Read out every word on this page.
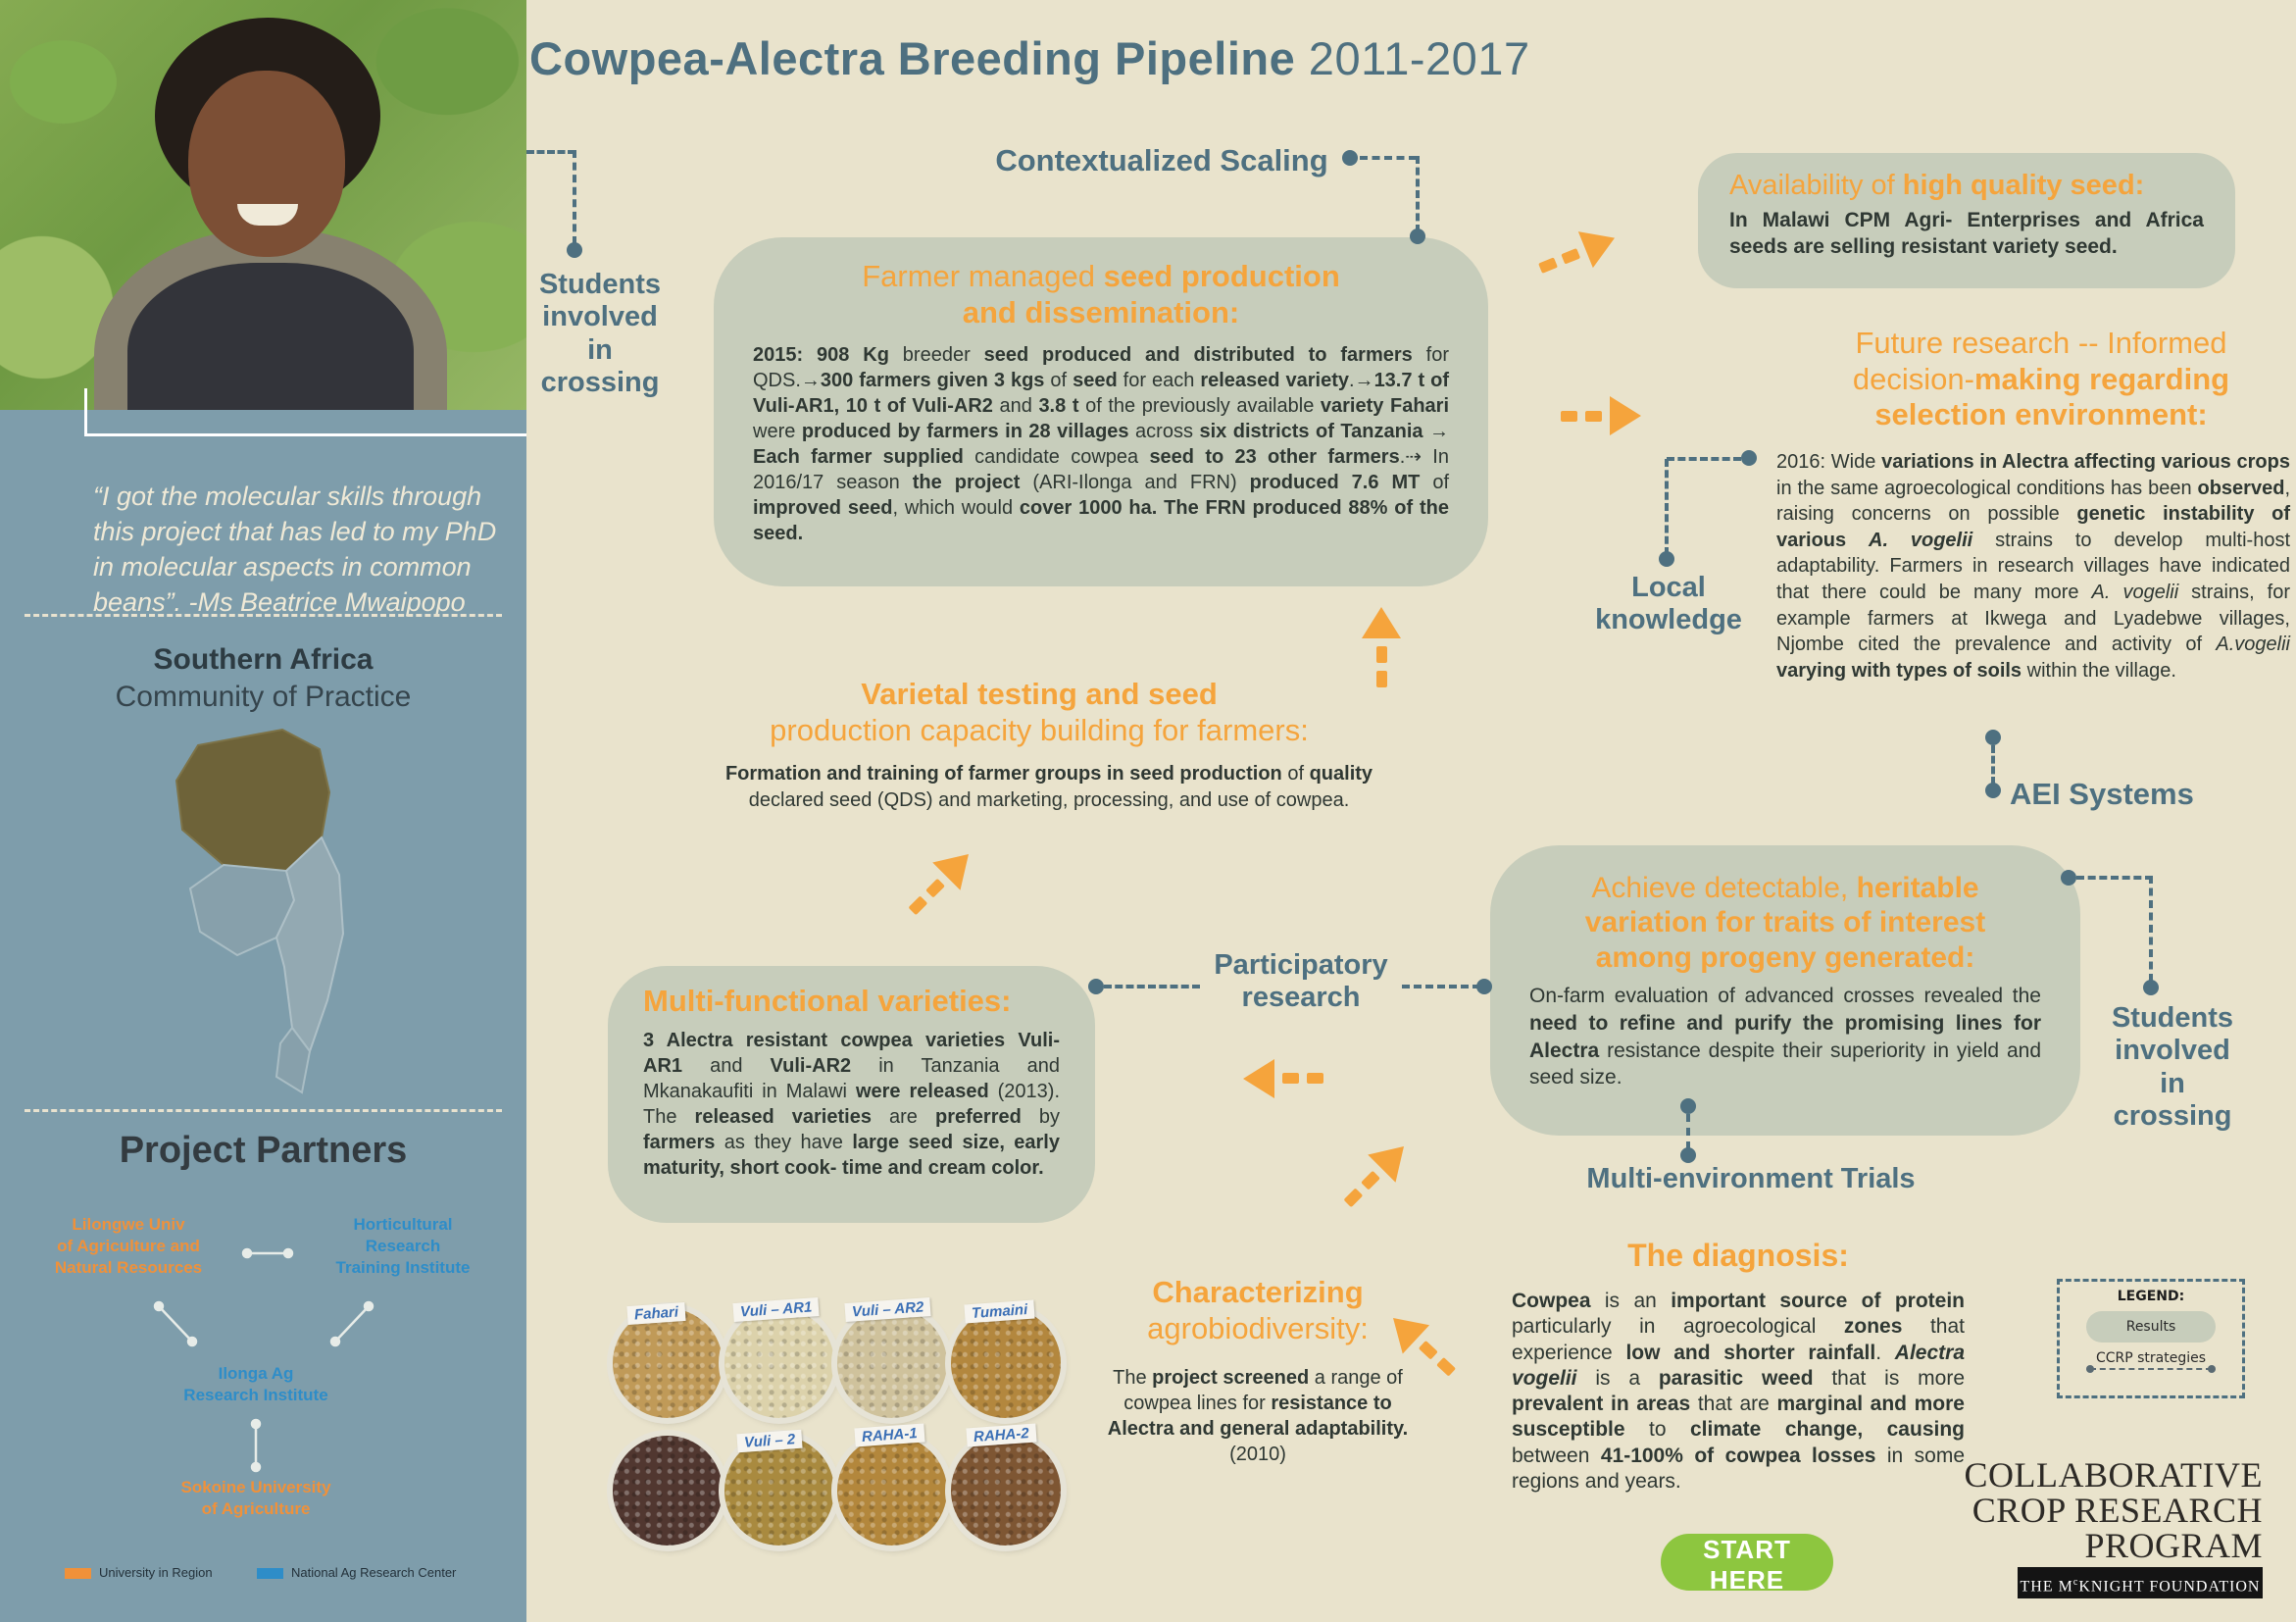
“I got the molecular skills through this project that has led to my PhD in molecular aspects in common beans”. -Ms Beatrice Mwaipopo

Southern Africa
Community of Practice
Project Partners
Lilongwe Univ
of Agriculture and
Natural Resources
Horticultural
Research
Training Institute
Ilonga Ag
Research Institute
Sokoine University
of Agriculture
University in Region	National Ag Research Center
Cowpea-Alectra Breeding Pipeline 2011-2017
Contextualized Scaling
Students
involved
in
crossing
Local
knowledge
AEI Systems
Participatory
research
Students
involved
in
crossing
Multi-environment Trials
Farmer managed seed production
and dissemination:
2015: 908 Kg breeder seed produced and distributed to farmers for QDS.→300 farmers given 3 kgs of seed for each released variety.→13.7 t of Vuli-AR1, 10 t of Vuli-AR2 and 3.8 t of the previously available variety Fahari were produced by farmers in 28 villages across six districts of Tanzania → Each farmer supplied candidate cowpea seed to 23 other farmers.⇢ In 2016/17 season the project (ARI-Ilonga and FRN) produced 7.6 MT of improved seed, which would cover 1000 ha. The FRN produced 88% of the seed.
Availability of high quality seed:
In Malawi CPM Agri- Enterprises and Africa seeds are selling resistant variety seed.
Future research -- Informed
decision-making regarding
selection environment:
2016: Wide variations in Alectra affecting various crops in the same agroecological conditions has been observed, raising concerns on possible genetic instability of various A. vogelii strains to develop multi-host adaptability. Farmers in research villages have indicated that there could be many more A. vogelii strains, for example farmers at Ikwega and Lyadebwe villages, Njombe cited the prevalence and activity of A.vogelii varying with types of soils within the village.
Varietal testing and seed
production capacity building for farmers:
Formation and training of farmer groups in seed production of quality declared seed (QDS) and marketing, processing, and use of cowpea.
Multi-functional varieties:
3 Alectra resistant cowpea varieties Vuli-AR1 and Vuli-AR2 in Tanzania and Mkanakaufiti in Malawi were released (2013). The released varieties are preferred by farmers as they have large seed size, early maturity, short cook- time and cream color.
Achieve detectable, heritable
variation for traits of interest
among progeny generated:
On-farm evaluation of advanced crosses revealed the need to refine and purify the promising lines for Alectra resistance despite their superiority in yield and seed size.
Characterizing
agrobiodiversity:
The project screened a range of cowpea lines for resistance to Alectra and general adaptability. (2010)
The diagnosis:
Cowpea is an important source of protein particularly in agroecological zones that experience low and shorter rainfall. Alectra vogelii is a parasitic weed that is more prevalent in areas that are marginal and more susceptible to climate change, causing between 41-100% of cowpea losses in some regions and years.
Fahari	Vuli – AR1	Vuli – AR2	Tumaini
Vuli – 2	RAHA-1	RAHA-2
START HERE
LEGEND:
Results
CCRP strategies
COLLABORATIVE
CROP RESEARCH
PROGRAM
THE $M^cKNIGHT$ FOUNDATION
